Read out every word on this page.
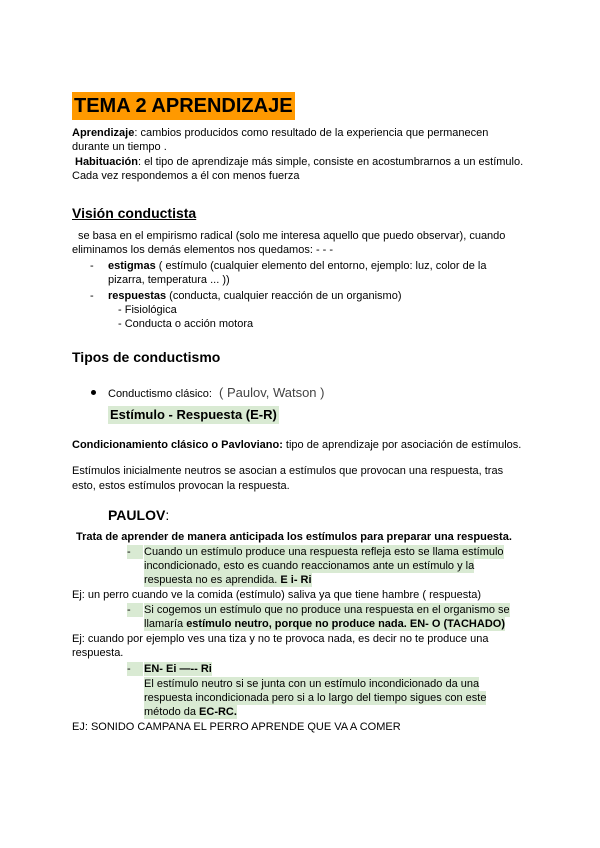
TEMA 2 APRENDIZAJE
Aprendizaje: cambios producidos como resultado de la experiencia que permanecen
durante un tiempo .
Habituación: el tipo de aprendizaje más simple, consiste en acostumbrarnos a un estímulo.
Cada vez respondemos a él con menos fuerza
Visión conductista
se basa en el empirismo radical (solo me interesa aquello que puedo observar), cuando
eliminamos los demás elementos nos quedamos: - - -
- estigmas ( estímulo (cualquier elemento del entorno, ejemplo: luz, color de la
pizarra, temperatura ... ))
- respuestas (conducta, cualquier reacción de un organismo)
- Fisiológica
- Conducta o acción motora
Tipos de conductismo
Conductismo clásico: ( Paulov, Watson )
Estímulo - Respuesta (E-R)
Condicionamiento clásico o Pavloviano: tipo de aprendizaje por asociación de estímulos.
Estímulos inicialmente neutros se asocian a estímulos que provocan una respuesta, tras
esto, estos estímulos provocan la respuesta.
PAULOV:
Trata de aprender de manera anticipada los estímulos para preparar una respuesta.
-	Cuando un estímulo produce una respuesta refleja esto se llama estímulo
incondicionado, esto es cuando reaccionamos ante un estímulo y la
respuesta no es aprendida. E i- Ri
Ej: un perro cuando ve la comida (estímulo) saliva ya que tiene hambre ( respuesta)
-	Si cogemos un estímulo que no produce una respuesta en el organismo se
llamaría estímulo neutro, porque no produce nada. EN- O (TACHADO)
Ej: cuando por ejemplo ves una tiza y no te provoca nada, es decir no te produce una
respuesta.
-	EN- Ei —-- Ri
El estímulo neutro si se junta con un estímulo incondicionado da una
respuesta incondicionada pero si a lo largo del tiempo sigues con este
método da EC-RC.
EJ: SONIDO CAMPANA EL PERRO APRENDE QUE VA A COMER
